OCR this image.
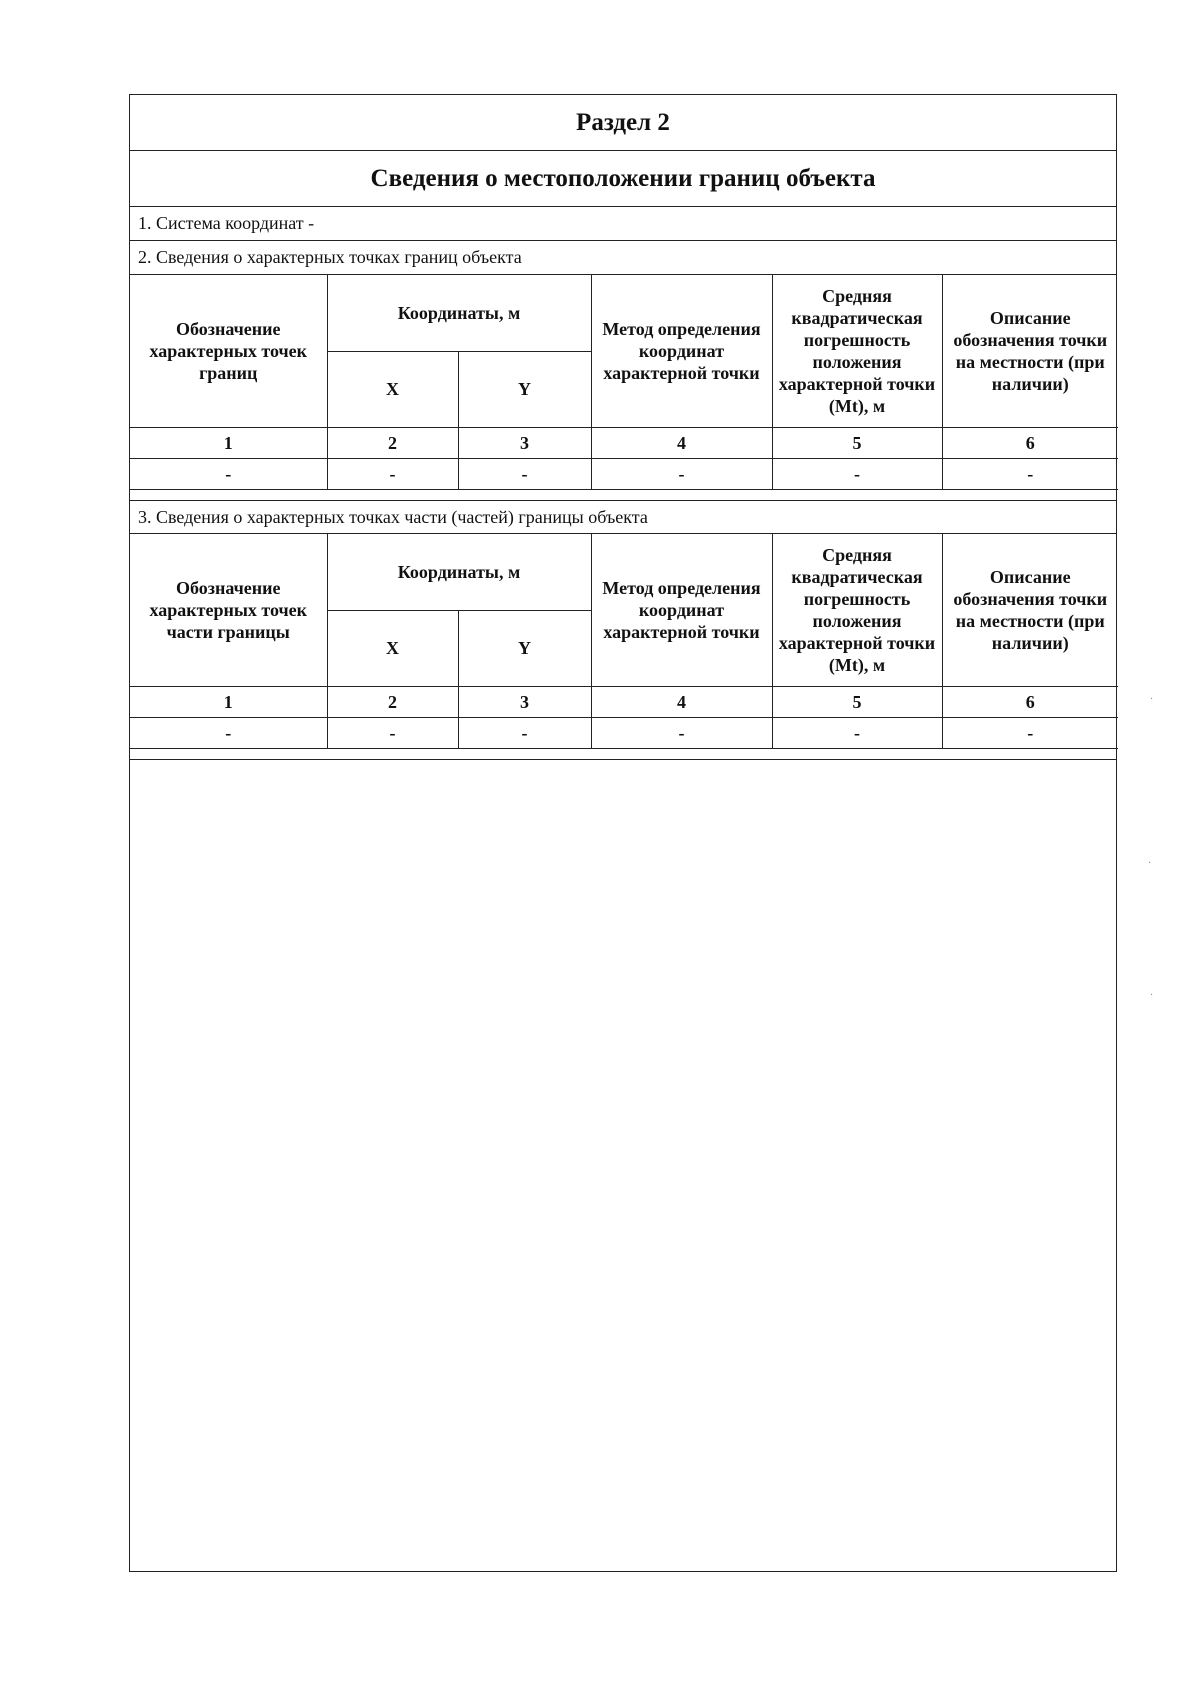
Раздел 2
Сведения о местоположении границ объекта
1. Система координат -
2. Сведения о характерных точках границ объекта
Обозначение характерных точек границ	Координаты, м		Метод определения координат характерной точки	Средняя квадратическая погрешность положения характерной точки (Mt), м	Описание обозначения точки на местности (при наличии)
	X	Y			
1	2	3	4	5	6
-	-	-	-	-	-
3. Сведения о характерных точках части (частей) границы объекта
Обозначение характерных точек части границы	Координаты, м		Метод определения координат характерной точки	Средняя квадратическая погрешность положения характерной точки (Mt), м	Описание обозначения точки на местности (при наличии)
	X	Y			
1	2	3	4	5	6
-	-	-	-	-	-
·
·
·
